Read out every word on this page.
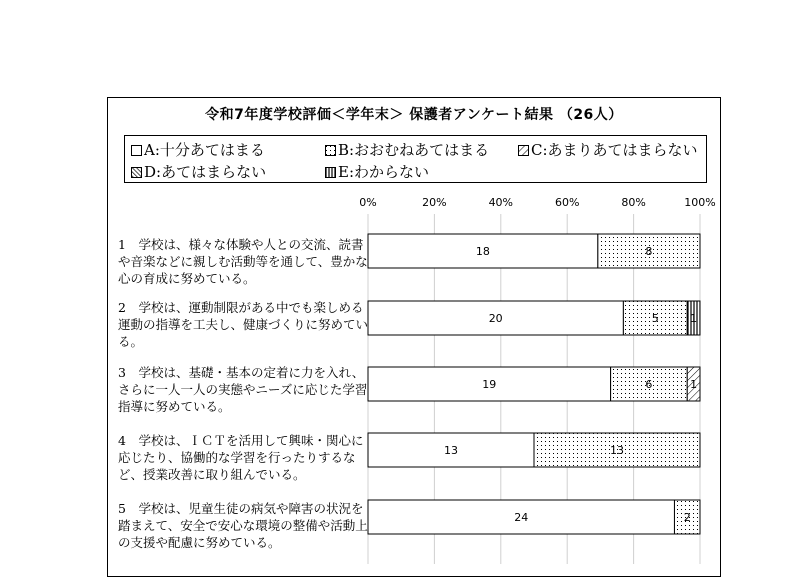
令和7年度学校評価＜学年末＞ 保護者アンケート結果 （26人）
A:十分あてはまる	B:おおむねあてはまる	C:あまりあてはまらない
D:あてはまらない	E:わからない
1　学校は、様々な体験や人との交流、読書や音楽などに親しむ活動等を通して、豊かな心の育成に努めている。
2　学校は、運動制限がある中でも楽しめる運動の指導を工夫し、健康づくりに努めている。
3　学校は、基礎・基本の定着に力を入れ、さらに一人一人の実態やニーズに応じた学習指導に努めている。
4　学校は、ＩＣＴを活用して興味・関心に応じたり、協働的な学習を行ったりするなど、授業改善に取り組んでいる。
5　学校は、児童生徒の病気や障害の状況を踏まえて、安全で安心な環境の整備や活動上の支援や配慮に努めている。
0%	20%	40%	60%	80%	100%
18	8
20	5	1
19	6	1
13	13
24	2
